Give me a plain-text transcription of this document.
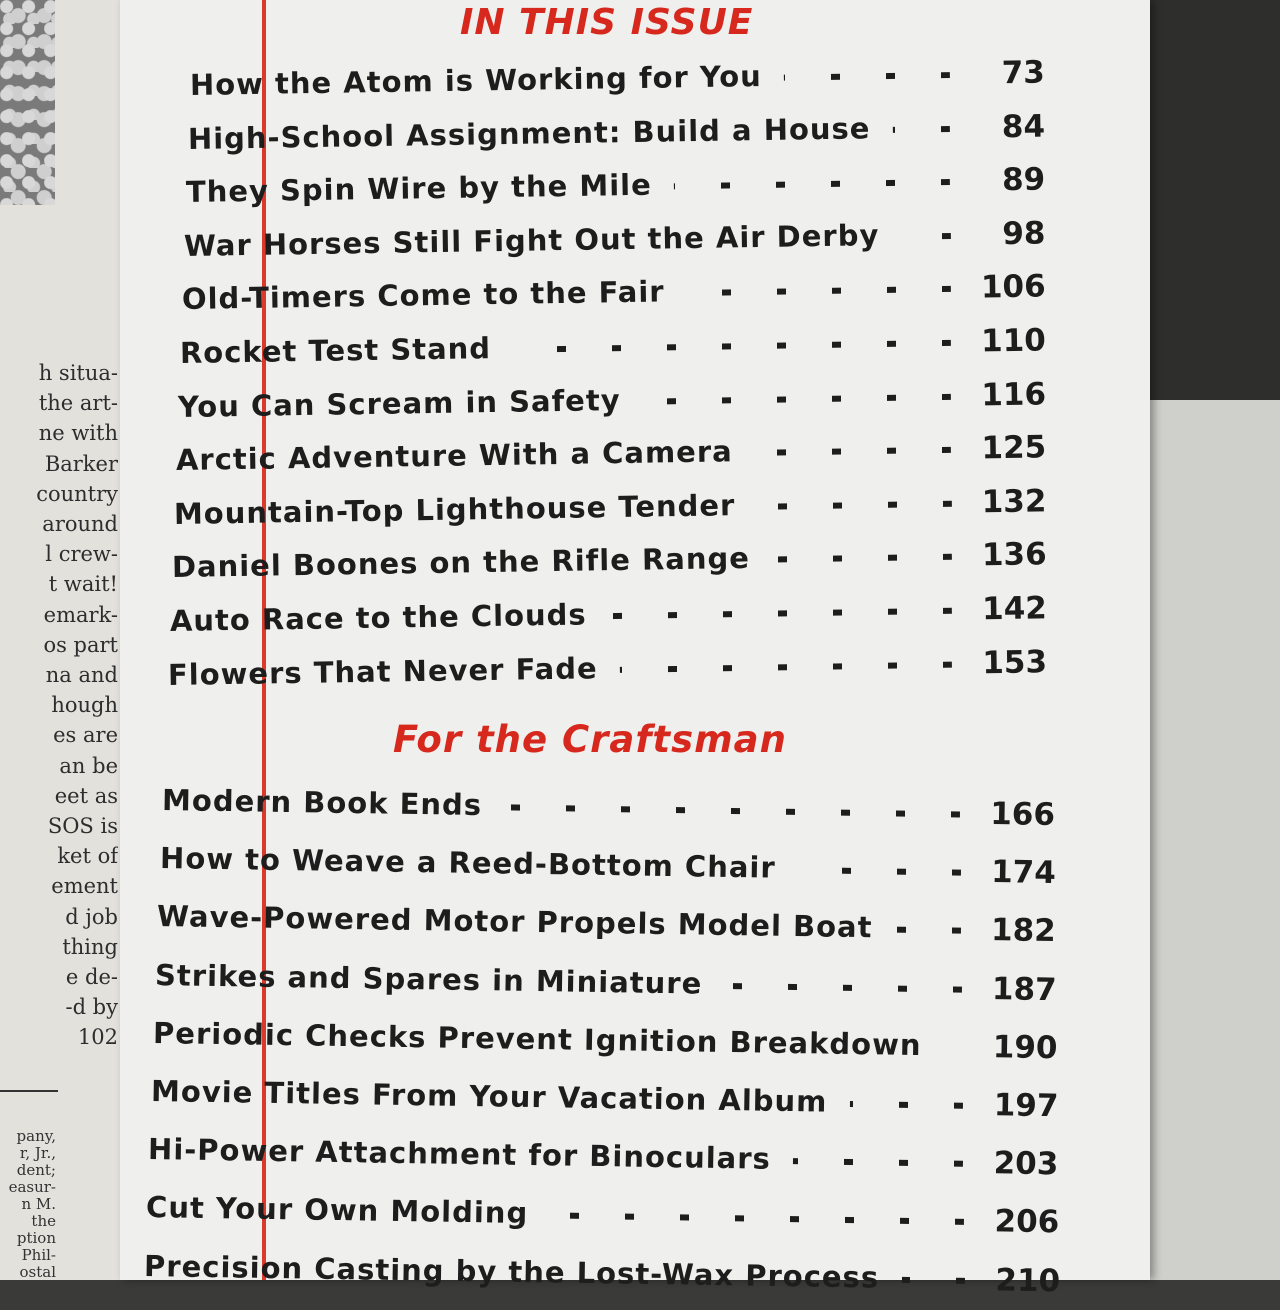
h situa-
the art-
ne with
Barker
country
around
l crew-
t wait!
emark-
os part
na and
hough
es are
an be
eet as
SOS is
ket of
ement
d job
thing
e de-
-d by
102
pany,
r, Jr.,
dent;
easur-
n M.
the
ption
Phil-
ostal
IN THIS ISSUE
For the Craftsman
How the Atom is Working for You	73
High-School Assignment: Build a House	84
They Spin Wire by the Mile	89
War Horses Still Fight Out the Air Derby	98
Old-Timers Come to the Fair	106
Rocket Test Stand	110
You Can Scream in Safety	116
Arctic Adventure With a Camera	125
Mountain-Top Lighthouse Tender	132
Daniel Boones on the Rifle Range	136
Auto Race to the Clouds	142
Flowers That Never Fade	153
Modern Book Ends	166
How to Weave a Reed-Bottom Chair	174
Wave-Powered Motor Propels Model Boat	182
Strikes and Spares in Miniature	187
Periodic Checks Prevent Ignition Breakdown	190
Movie Titles From Your Vacation Album	197
Hi-Power Attachment for Binoculars	203
Cut Your Own Molding	206
Precision Casting by the Lost-Wax Process	210
